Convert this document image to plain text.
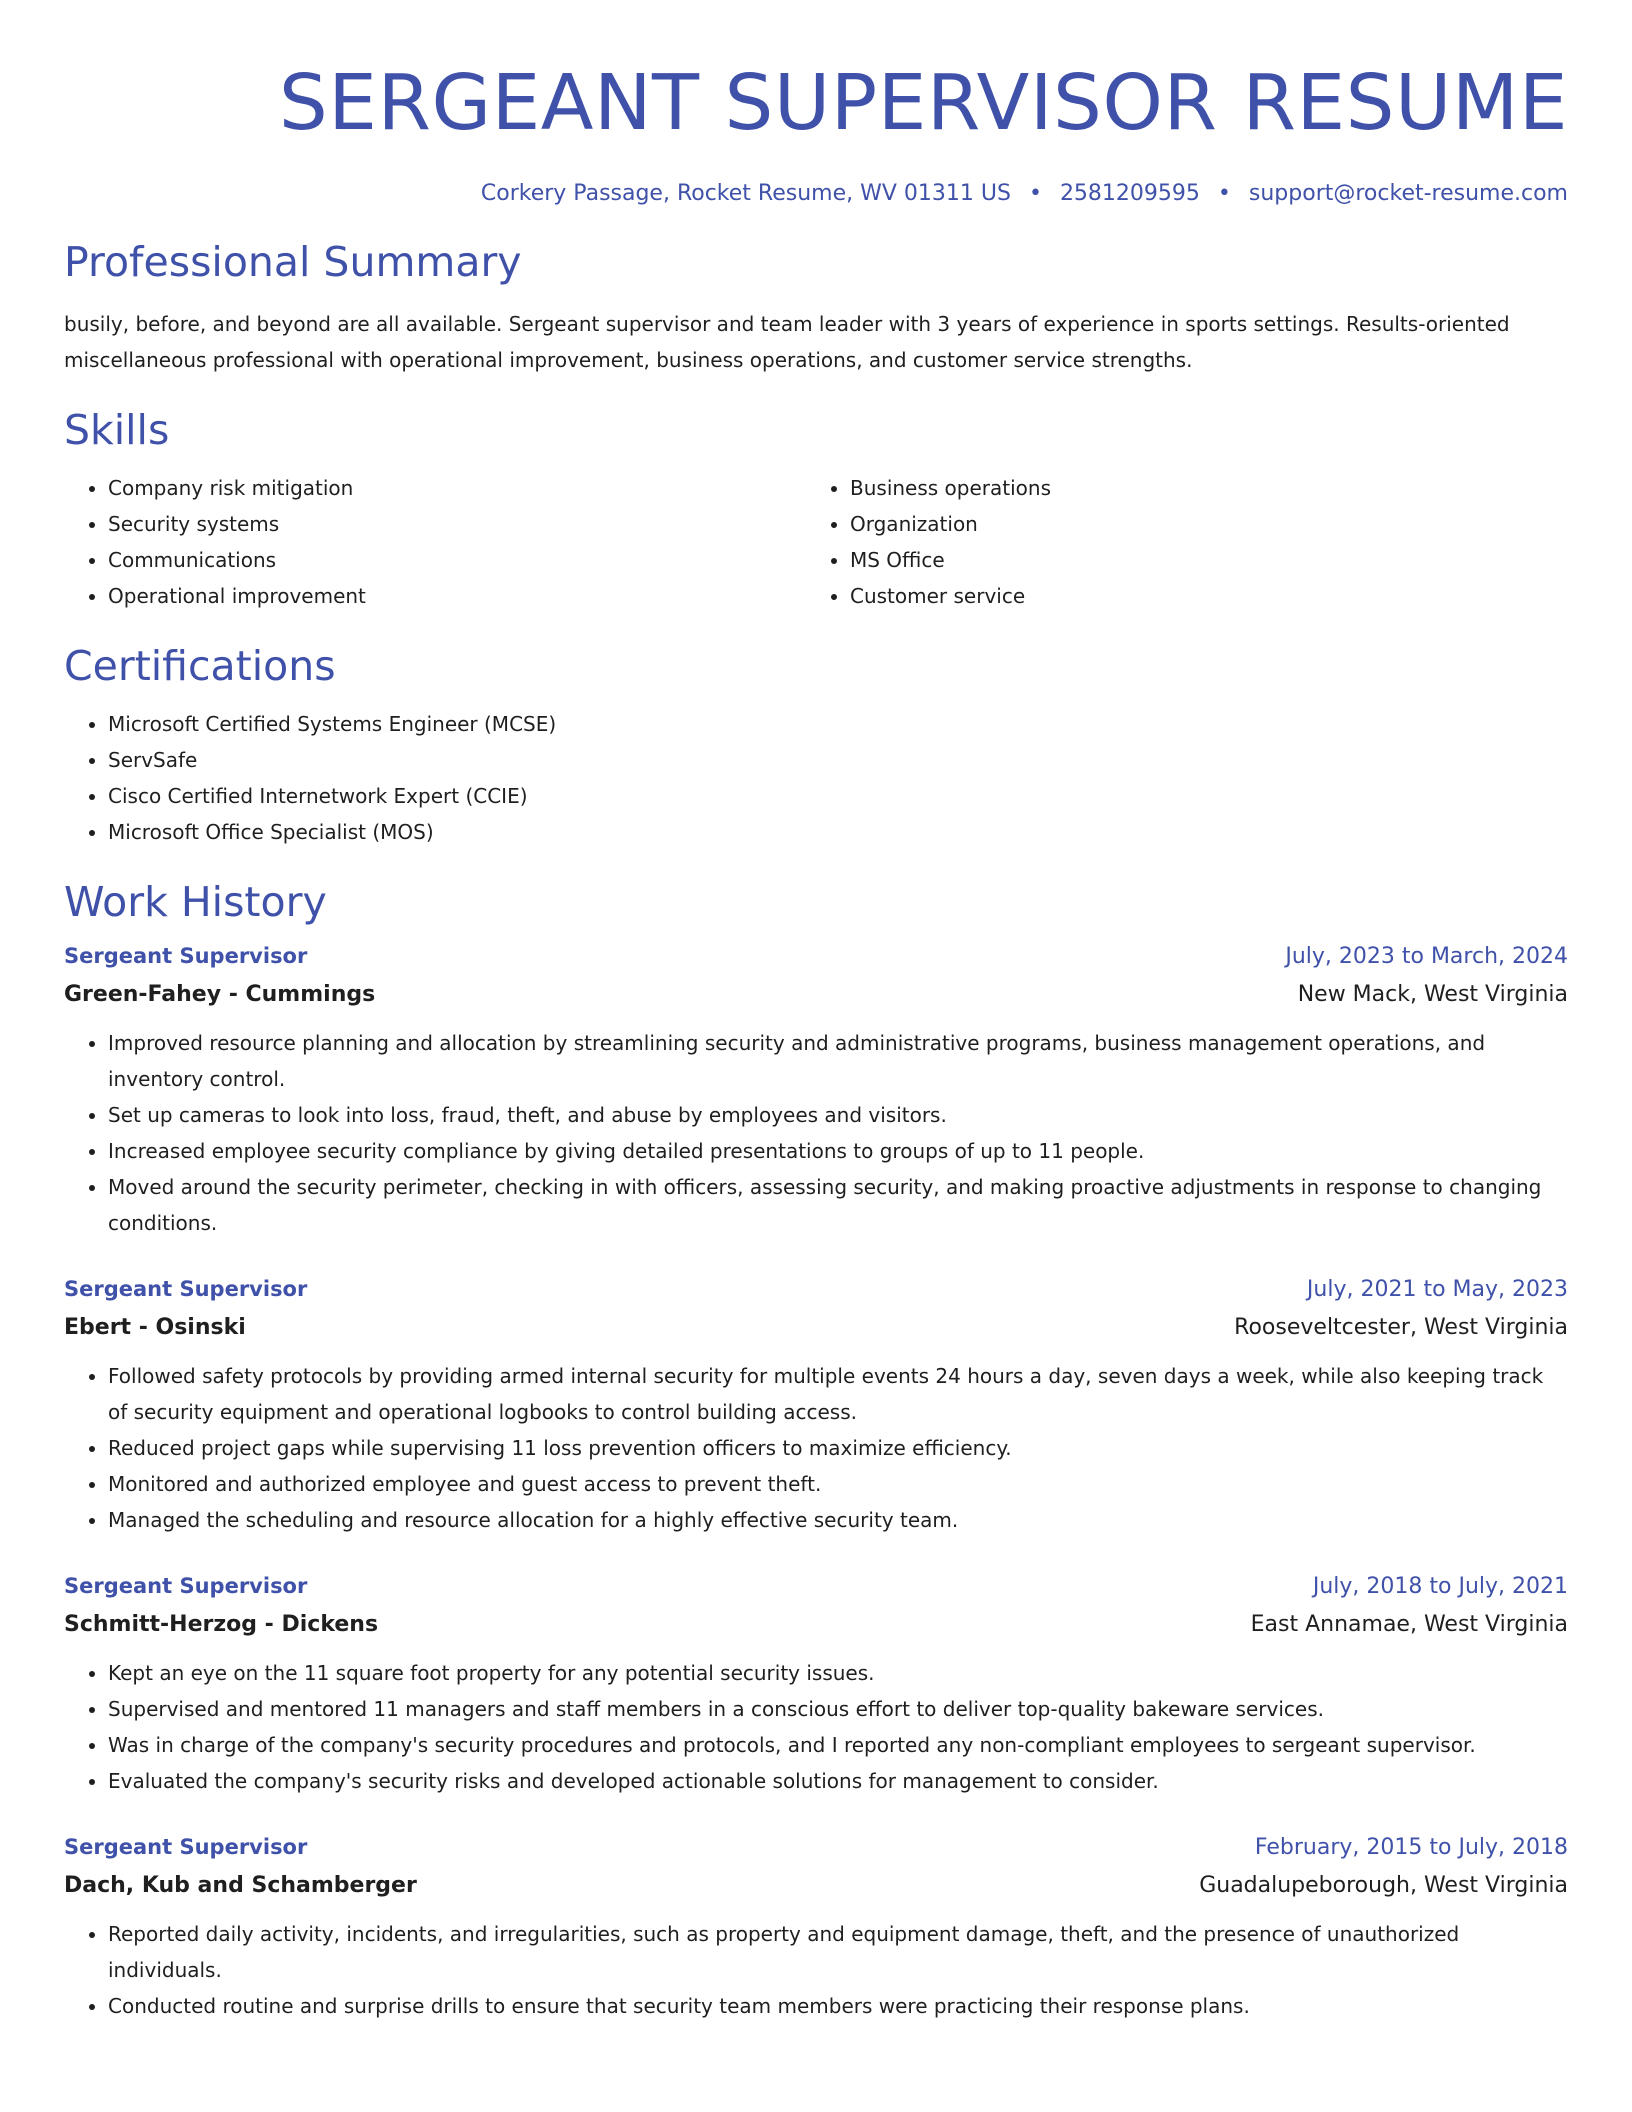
SERGEANT SUPERVISOR RESUME
Corkery Passage, Rocket Resume, WV 01311 US • 2581209595 • support@rocket-resume.com
Professional Summary

busily, before, and beyond are all available. Sergeant supervisor and team leader with 3 years of experience in sports settings. Results-oriented miscellaneous professional with operational improvement, business operations, and customer service strengths.

Skills
• Company risk mitigation
• Security systems
• Communications
• Operational improvement
• Business operations
• Organization
• MS Office
• Customer service
Certifications
• Microsoft Certified Systems Engineer (MCSE)
• ServSafe
• Cisco Certified Internetwork Expert (CCIE)
• Microsoft Office Specialist (MOS)
Work History
Sergeant Supervisor	July, 2023 to March, 2024
Green-Fahey - Cummings	New Mack, West Virginia
• Improved resource planning and allocation by streamlining security and administrative programs, business management operations, and inventory control.
• Set up cameras to look into loss, fraud, theft, and abuse by employees and visitors.
• Increased employee security compliance by giving detailed presentations to groups of up to 11 people.
• Moved around the security perimeter, checking in with officers, assessing security, and making proactive adjustments in response to changing conditions.
Sergeant Supervisor	July, 2021 to May, 2023
Ebert - Osinski	Rooseveltcester, West Virginia
• Followed safety protocols by providing armed internal security for multiple events 24 hours a day, seven days a week, while also keeping track of security equipment and operational logbooks to control building access.
• Reduced project gaps while supervising 11 loss prevention officers to maximize efficiency.
• Monitored and authorized employee and guest access to prevent theft.
• Managed the scheduling and resource allocation for a highly effective security team.
Sergeant Supervisor	July, 2018 to July, 2021
Schmitt-Herzog - Dickens	East Annamae, West Virginia
• Kept an eye on the 11 square foot property for any potential security issues.
• Supervised and mentored 11 managers and staff members in a conscious effort to deliver top-quality bakeware services.
• Was in charge of the company's security procedures and protocols, and I reported any non-compliant employees to sergeant supervisor.
• Evaluated the company's security risks and developed actionable solutions for management to consider.
Sergeant Supervisor	February, 2015 to July, 2018
Dach, Kub and Schamberger	Guadalupeborough, West Virginia
• Reported daily activity, incidents, and irregularities, such as property and equipment damage, theft, and the presence of unauthorized individuals.
• Conducted routine and surprise drills to ensure that security team members were practicing their response plans.
